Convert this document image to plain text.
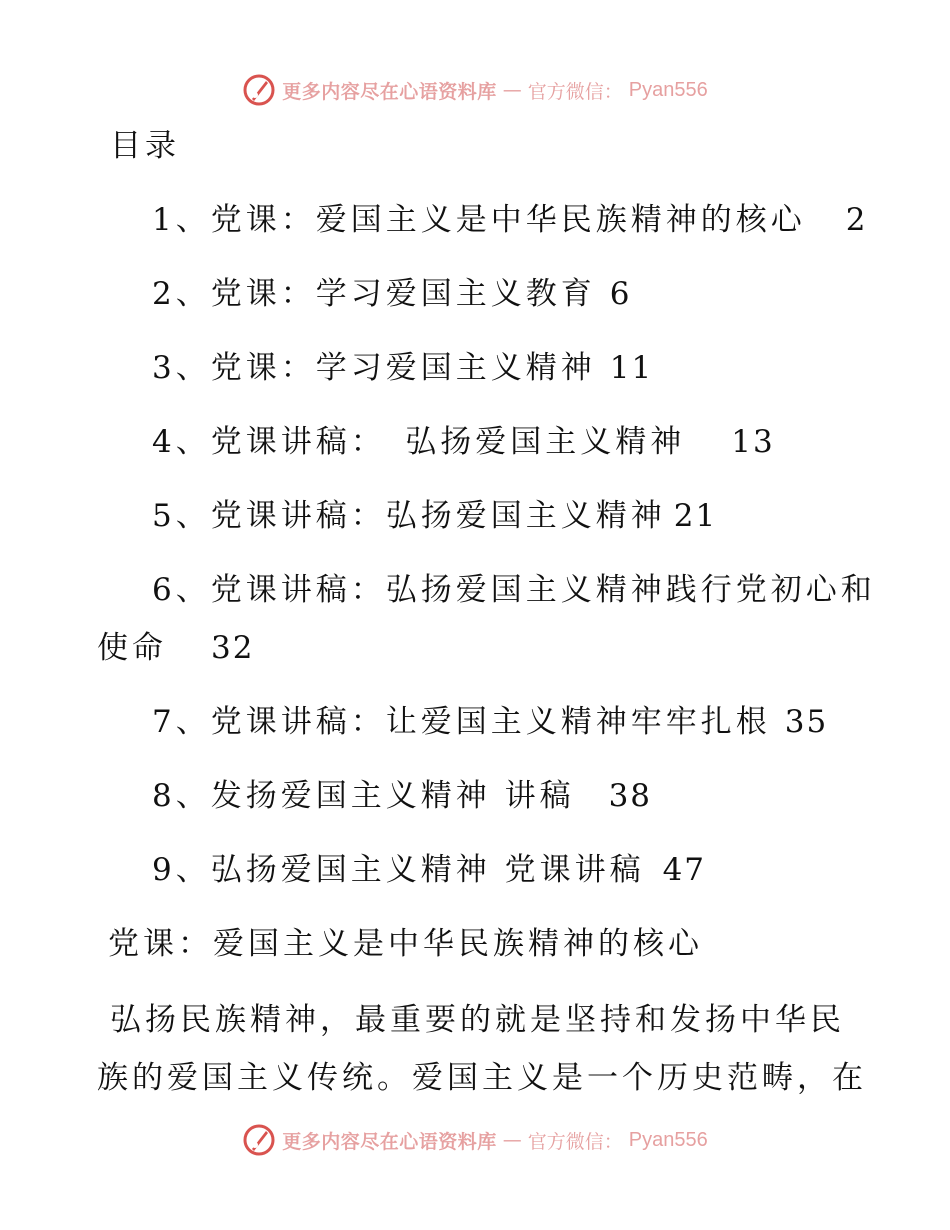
更多内容尽在心语资料库 — 官方微信： Pyan556
目录
1、党课：爱国主义是中华民族精神的核心 2
2、党课：学习爱国主义教育 6
3、党课：学习爱国主义精神 11
4、党课讲稿：　弘扬爱国主义精神 13
5、党课讲稿：弘扬爱国主义精神 21
6、党课讲稿：弘扬爱国主义精神践行党初心和
使命 32
7、党课讲稿：让爱国主义精神牢牢扎根 35
8、发扬爱国主义精神 讲稿 38
9、弘扬爱国主义精神 党课讲稿 47
党课：爱国主义是中华民族精神的核心
弘扬民族精神，最重要的就是坚持和发扬中华民
族的爱国主义传统。爱国主义是一个历史范畴，在
更多内容尽在心语资料库 — 官方微信： Pyan556
